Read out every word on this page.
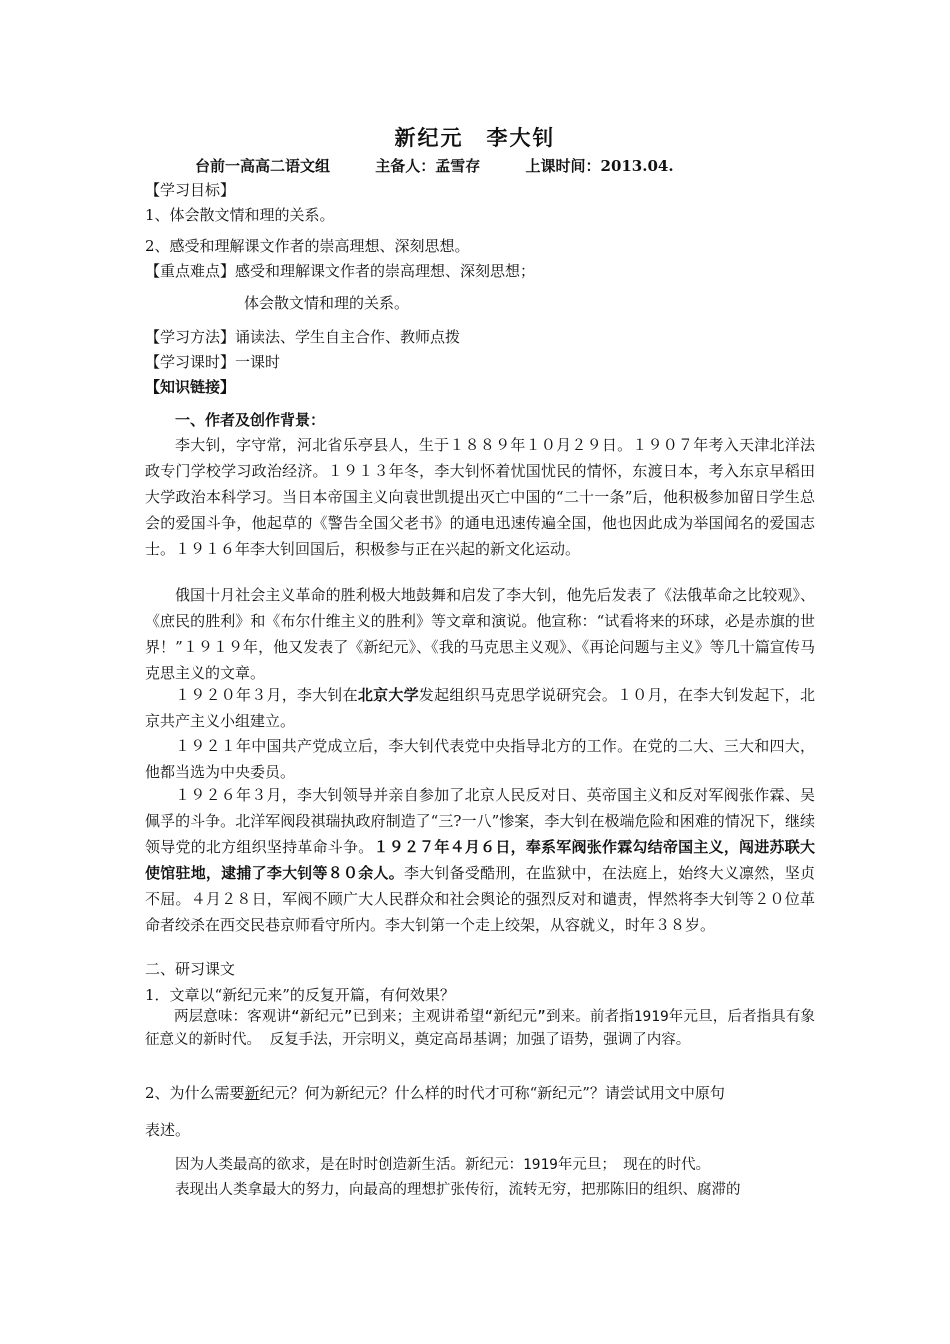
新纪元　李大钊
台前一高高二语文组	主备人：孟雪存	上课时间：2013.04.
【学习目标】
1、体会散文情和理的关系。
2、感受和理解课文作者的崇高理想、深刻思想。
【重点难点】感受和理解课文作者的崇高理想、深刻思想；
体会散文情和理的关系。
【学习方法】诵读法、学生自主合作、教师点拨
【学习课时】一课时
【知识链接】
一、作者及创作背景：
李大钊，字守常，河北省乐亭县人，生于１８８９年１０月２９日。１９０７年考入天津北洋法政专门学校学习政治经济。１９１３年冬，李大钊怀着忧国忧民的情怀，东渡日本，考入东京早稻田大学政治本科学习。当日本帝国主义向袁世凯提出灭亡中国的“二十一条”后，他积极参加留日学生总会的爱国斗争，他起草的《警告全国父老书》的通电迅速传遍全国，他也因此成为举国闻名的爱国志士。１９１６年李大钊回国后，积极参与正在兴起的新文化运动。
俄国十月社会主义革命的胜利极大地鼓舞和启发了李大钊，他先后发表了《法俄革命之比较观》、《庶民的胜利》和《布尔什维主义的胜利》等文章和演说。他宣称：“试看将来的环球，必是赤旗的世界！”１９１９年，他又发表了《新纪元》、《我的马克思主义观》、《再论问题与主义》等几十篇宣传马克思主义的文章。
１９２０年３月，李大钊在北京大学发起组织马克思学说研究会。１０月，在李大钊发起下，北京共产主义小组建立。
１９２１年中国共产党成立后，李大钊代表党中央指导北方的工作。在党的二大、三大和四大，他都当选为中央委员。
１９２６年３月，李大钊领导并亲自参加了北京人民反对日、英帝国主义和反对军阀张作霖、吴佩孚的斗争。北洋军阀段祺瑞执政府制造了“三?一八”惨案，李大钊在极端危险和困难的情况下，继续领导党的北方组织坚持革命斗争。１９２７年４月６日，奉系军阀张作霖勾结帝国主义，闯进苏联大使馆驻地，逮捕了李大钊等８０余人。李大钊备受酷刑，在监狱中，在法庭上，始终大义凛然，坚贞不屈。４月２８日，军阀不顾广大人民群众和社会舆论的强烈反对和谴责，悍然将李大钊等２０位革命者绞杀在西交民巷京师看守所内。李大钊第一个走上绞架，从容就义，时年３８岁。
二、研习课文
1．文章以“新纪元来”的反复开篇，有何效果？
两层意味：客观讲“新纪元”已到来；主观讲希望“新纪元”到来。前者指1919年元旦，后者指具有象征意义的新时代。 反复手法，开宗明义，奠定高昂基调；加强了语势，强调了内容。
2、为什么需要新纪元？何为新纪元？什么样的时代才可称“新纪元”？请尝试用文中原句
表述。
因为人类最高的欲求，是在时时创造新生活。新纪元：1919年元旦；　现在的时代。
表现出人类拿最大的努力，向最高的理想扩张传衍，流转无穷，把那陈旧的组织、腐滞的
